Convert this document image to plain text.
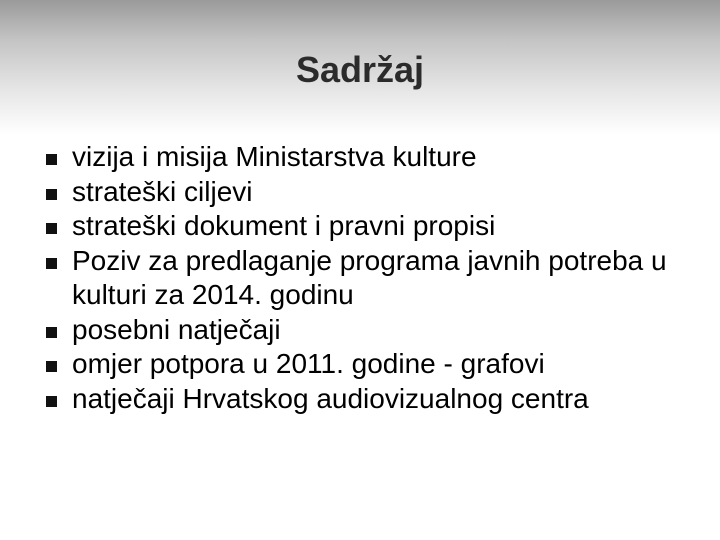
Sadržaj
vizija i misija Ministarstva kulture
strateški ciljevi
strateški dokument i pravni propisi
Poziv za predlaganje programa javnih potreba u kulturi za 2014. godinu
posebni natječaji
omjer potpora u 2011. godine - grafovi
natječaji Hrvatskog audiovizualnog centra
